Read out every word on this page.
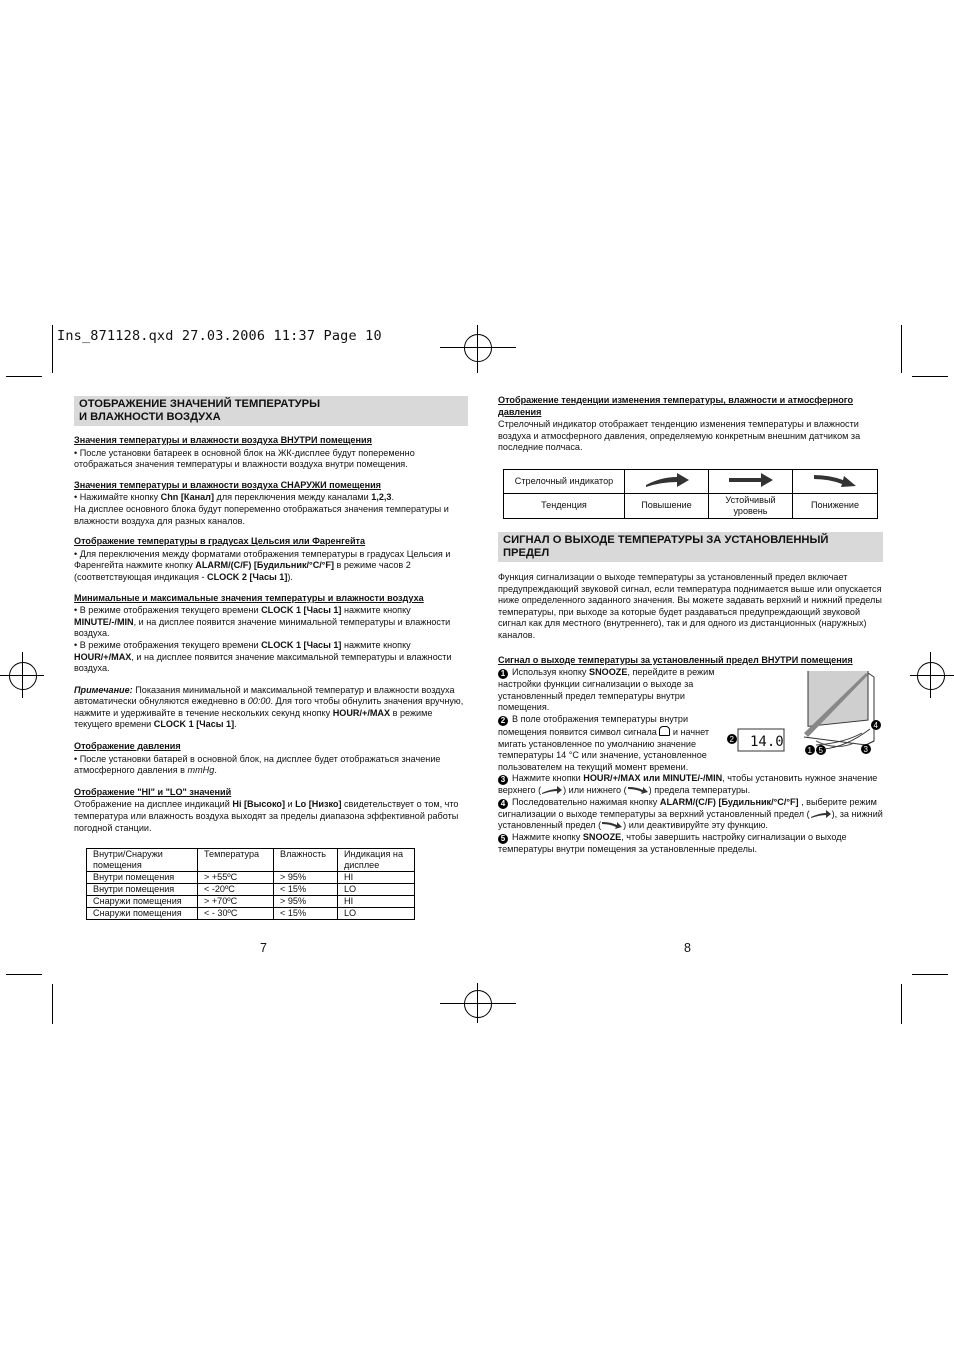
Ins_871128.qxd 27.03.2006 11:37 Page 10
ОТОБРАЖЕНИЕ ЗНАЧЕНИЙ ТЕМПЕРАТУРЫ
И ВЛАЖНОСТИ ВОЗДУХА
Значения температуры и влажности воздуха ВНУТРИ помещения

• После установки батареек в основной блок на ЖК-дисплее будут попеременно отображаться значения температуры и влажности воздуха внутри помещения.

Значения температуры и влажности воздуха СНАРУЖИ помещения

• Нажимайте кнопку Chn [Канал] для переключения между каналами 1,2,3.

На дисплее основного блока будут попеременно отображаться значения температуры и влажности воздуха для разных каналов.

Отображение температуры в градусах Цельсия или Фаренгейта

• Для переключения между форматами отображения температуры в градусах Цельсия и Фаренгейта нажмите кнопку ALARM/(C/F) [Будильник/°C/°F] в режиме часов 2 (соответствующая индикация - CLOCK 2 [Часы 1]).

Минимальные и максимальные значения температуры и влажности воздуха

• В режиме отображения текущего времени CLOCK 1 [Часы 1] нажмите кнопку MINUTE/-/MIN, и на дисплее появится значение минимальной температуры и влажности воздуха.

• В режиме отображения текущего времени CLOCK 1 [Часы 1] нажмите кнопку HOUR/+/MAX, и на дисплее появится значение максимальной температуры и влажности воздуха.

Примечание: Показания минимальной и максимальной температур и влажности воздуха автоматически обнуляются ежедневно в 00:00. Для того чтобы обнулить значения вручную, нажмите и удерживайте в течение нескольких секунд кнопку HOUR/+/MAX в режиме текущего времени CLOCK 1 [Часы 1].

Отображение давления

• После установки батарей в основной блок, на дисплее будет отображаться значение атмосферного давления в mmHg.

Отображение "HI" и "LO" значений

Отображение на дисплее индикаций Hi [Высоко] и Lo [Низко] свидетельствует о том, что температура или влажность воздуха выходят за пределы диапазона эффективной работы погодной станции.

Внутри/Снаружи помещения	Температура	Влажность	Индикация на дисплее
Внутри помещения	> +55ºC	> 95%	HI
Внутри помещения	< -20ºC	< 15%	LO
Снаружи помещения	> +70ºC	> 95%	HI
Снаружи помещения	< - 30ºC	< 15%	LO
7
Отображение тенденции изменения температуры, влажности и атмосферного давления

Стрелочный индикатор отображает тенденцию изменения температуры и влажности воздуха и атмосферного давления, определяемую конкретным внешним датчиком за последние полчаса.

Стрелочный индикатор			
Тенденция	Повышение	Устойчивый уровень	Понижение
СИГНАЛ О ВЫХОДЕ ТЕМПЕРАТУРЫ ЗА УСТАНОВЛЕННЫЙ
ПРЕДЕЛ

Функция сигнализации о выходе температуры за установленный предел включает предупреждающий звуковой сигнал, если температура поднимается выше или опускается ниже определенного заданного значения. Вы можете задавать верхний и нижний пределы температуры, при выходе за которые будет раздаваться предупреждающий звуковой сигнал как для местного (внутреннего), так и для одного из дистанционных (наружных) каналов.

Сигнал о выходе температуры за установленный предел ВНУТРИ помещения

1 Используя кнопку SNOOZE, перейдите в режим настройки функции сигнализации о выходе за установленный предел температуры внутри помещения.

2 В поле отображения температуры внутри помещения появится символ сигнала  и начнет мигать установленное по умолчанию значение температуры 14 °C или значение, установленное пользователем на текущий момент времени.

14.0
2
1 5
4
3

3 Нажмите кнопки HOUR/+/MAX или MINUTE/-/MIN, чтобы установить нужное значение верхнего ( ) или нижнего ( ) предела температуры.

4 Последовательно нажимая кнопку ALARM/(C/F) [Будильник/°C/°F] , выберите режим сигнализации о выходе температуры за верхний установленный предел ( ), за нижний установленный предел ( ) или деактивируйте эту функцию.

5 Нажмите кнопку SNOOZE, чтобы завершить настройку сигнализации о выходе температуры внутри помещения за установленные пределы.

8
